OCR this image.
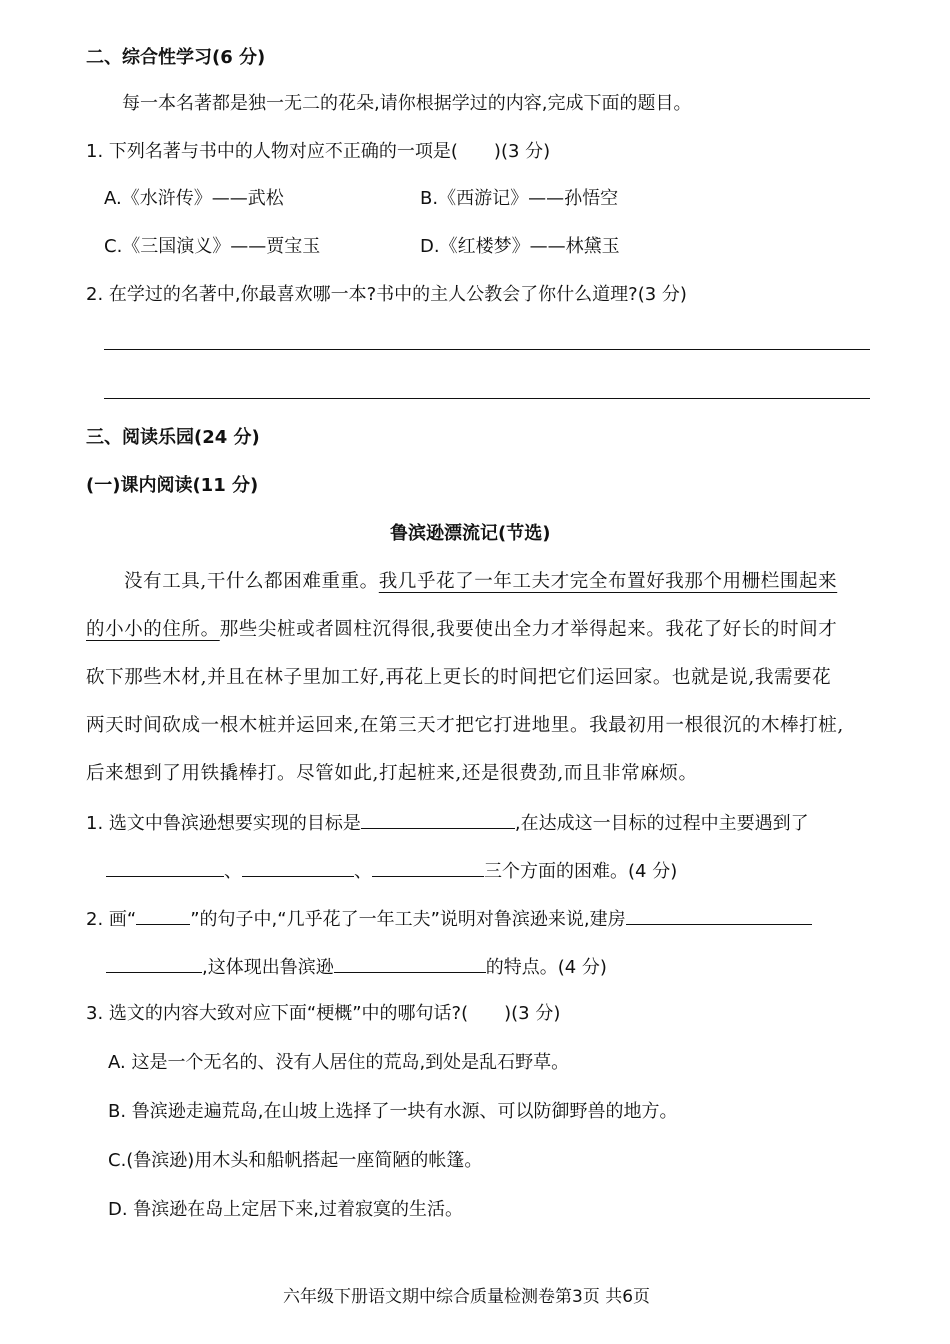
二、综合性学习(6 分)
每一本名著都是独一无二的花朵,请你根据学过的内容,完成下面的题目。
1. 下列名著与书中的人物对应不正确的一项是(　　)(3 分)
A.《水浒传》——武松	B.《西游记》——孙悟空
C.《三国演义》——贾宝玉	D.《红楼梦》——林黛玉
2. 在学过的名著中,你最喜欢哪一本?书中的主人公教会了你什么道理?(3 分)
三、阅读乐园(24 分)
(一)课内阅读(11 分)
鲁滨逊漂流记(节选)
没有工具,干什么都困难重重。我几乎花了一年工夫才完全布置好我那个用栅栏围起来
的小小的住所。那些尖桩或者圆柱沉得很,我要使出全力才举得起来。我花了好长的时间才
砍下那些木材,并且在林子里加工好,再花上更长的时间把它们运回家。也就是说,我需要花
两天时间砍成一根木桩并运回来,在第三天才把它打进地里。我最初用一根很沉的木棒打桩,
后来想到了用铁撬棒打。尽管如此,打起桩来,还是很费劲,而且非常麻烦。
1. 选文中鲁滨逊想要实现的目标是	,在达成这一目标的过程中主要遇到了
、	、	三个方面的困难。(4 分)
2. 画“	”的句子中,“几乎花了一年工夫”说明对鲁滨逊来说,建房
,这体现出鲁滨逊	的特点。(4 分)
3. 选文的内容大致对应下面“梗概”中的哪句话?(　　)(3 分)
A. 这是一个无名的、没有人居住的荒岛,到处是乱石野草。
B. 鲁滨逊走遍荒岛,在山坡上选择了一块有水源、可以防御野兽的地方。
C.(鲁滨逊)用木头和船帆搭起一座简陋的帐篷。
D. 鲁滨逊在岛上定居下来,过着寂寞的生活。
六年级下册语文期中综合质量检测卷第3页 共6页
